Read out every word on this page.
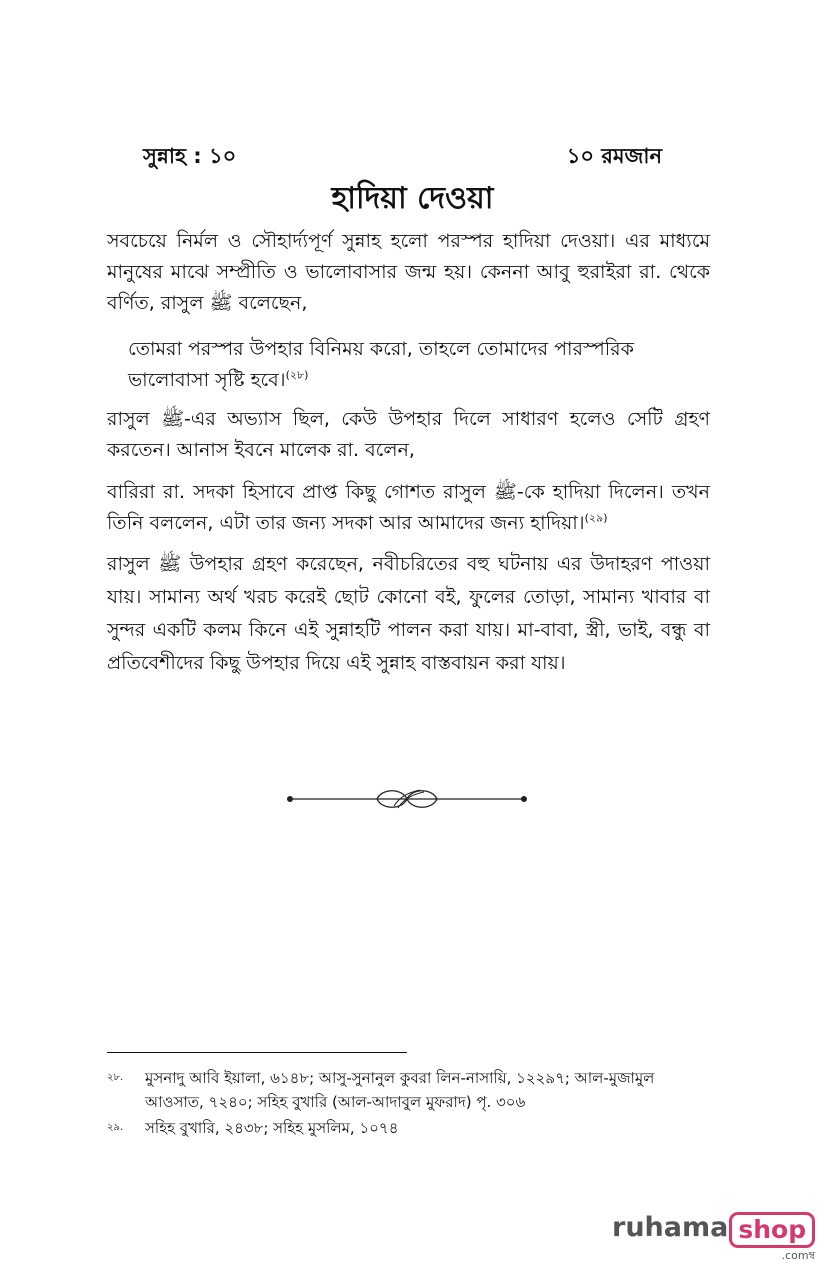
সুন্নাহ : ১০	১০ রমজান
হাদিয়া দেওয়া
সবচেয়ে নির্মল ও সৌহার্দ্যপূর্ণ সুন্নাহ হলো পরস্পর হাদিয়া দেওয়া। এর মাধ্যমে মানুষের মাঝে সম্প্রীতি ও ভালোবাসার জন্ম হয়। কেননা আবু হুরাইরা রা. থেকে বর্ণিত, রাসুল ﷺ বলেছেন,
তোমরা পরস্পর উপহার বিনিময় করো, তাহলে তোমাদের পারস্পরিক ভালোবাসা সৃষ্টি হবে।$^{(২৮)}$
রাসুল ﷺ-এর অভ্যাস ছিল, কেউ উপহার দিলে সাধারণ হলেও সেটি গ্রহণ করতেন। আনাস ইবনে মালেক রা. বলেন,
বারিরা রা. সদকা হিসাবে প্রাপ্ত কিছু গোশত রাসুল ﷺ-কে হাদিয়া দিলেন। তখন তিনি বললেন, এটা তার জন্য সদকা আর আমাদের জন্য হাদিয়া।$^{(২৯)}$
রাসুল ﷺ উপহার গ্রহণ করেছেন, নবীচরিতের বহু ঘটনায় এর উদাহরণ পাওয়া যায়। সামান্য অর্থ খরচ করেই ছোট কোনো বই, ফুলের তোড়া, সামান্য খাবার বা সুন্দর একটি কলম কিনে এই সুন্নাহটি পালন করা যায়। মা-বাবা, স্ত্রী, ভাই, বন্ধু বা প্রতিবেশীদের কিছু উপহার দিয়ে এই সুন্নাহ বাস্তবায়ন করা যায়।
২৮. মুসনাদু আবি ইয়ালা, ৬১৪৮; আসু-সুনানুল কুবরা লিন-নাসায়ি, ১২২৯৭; আল-মুজামুল আওসাত, ৭২৪০; সহিহ বুখারি (আল-আদাবুল মুফরাদ) পৃ. ৩০৬
২৯. সহিহ বুখারি, ২৪৩৮; সহিহ মুসলিম, ১০৭৪
ruhama shop
.comম্ব
